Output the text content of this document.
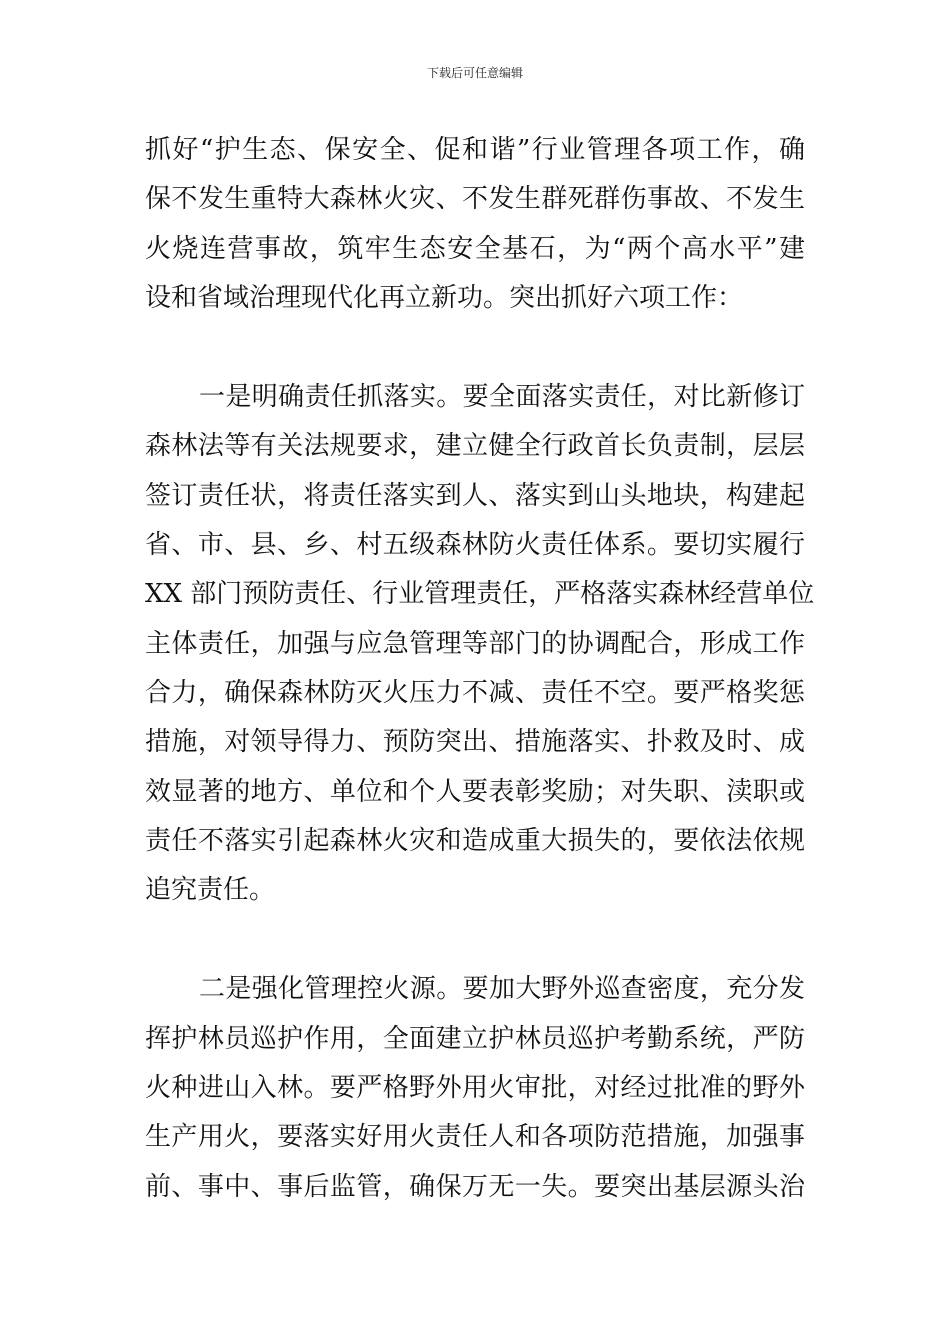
下载后可任意编辑
抓好“护生态、保安全、促和谐”行业管理各项工作，确
保不发生重特大森林火灾、不发生群死群伤事故、不发生
火烧连营事故，筑牢生态安全基石，为“两个高水平”建
设和省域治理现代化再立新功。突出抓好六项工作：
一是明确责任抓落实。要全面落实责任，对比新修订
森林法等有关法规要求，建立健全行政首长负责制，层层
签订责任状，将责任落实到人、落实到山头地块，构建起
省、市、县、乡、村五级森林防火责任体系。要切实履行
XX 部门预防责任、行业管理责任，严格落实森林经营单位
主体责任，加强与应急管理等部门的协调配合，形成工作
合力，确保森林防灭火压力不减、责任不空。要严格奖惩
措施，对领导得力、预防突出、措施落实、扑救及时、成
效显著的地方、单位和个人要表彰奖励；对失职、渎职或
责任不落实引起森林火灾和造成重大损失的，要依法依规
追究责任。
二是强化管理控火源。要加大野外巡查密度，充分发
挥护林员巡护作用，全面建立护林员巡护考勤系统，严防
火种进山入林。要严格野外用火审批，对经过批准的野外
生产用火，要落实好用火责任人和各项防范措施，加强事
前、事中、事后监管，确保万无一失。要突出基层源头治
